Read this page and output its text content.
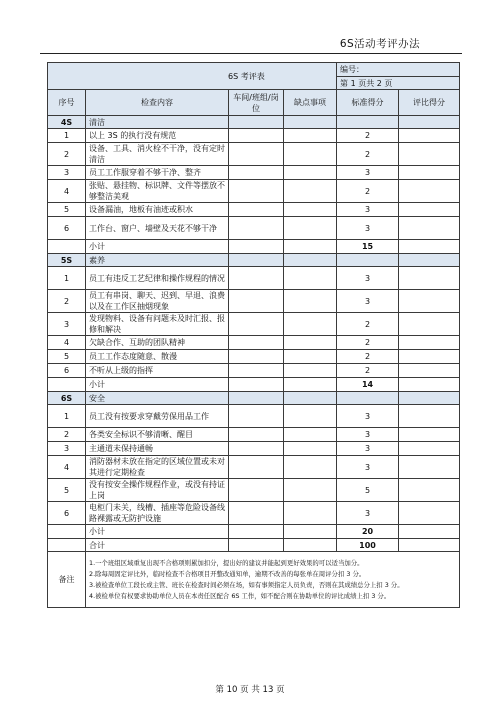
6S活动考评办法
6S 考评表				编号：	
				第 1 页共 2 页	
序号	检查内容	车间/班组/岗位	缺点事项	标准得分	评比得分
4S	清洁				
1	以上 3S 的执行没有规范			2	
2	设备、工具、消火栓不干净，没有定时清洁			2	
3	员工工作服穿着不够干净、整齐			3	
4	张贴、悬挂物、标识牌、文件等摆放不够整洁美观			2	
5	设备漏油，地板有油迹或积水			3	
6	工作台、窗户、墙壁及天花不够干净			3	
	小计			15	
5S	素养				
1	员工有违反工艺纪律和操作规程的情况			3	
2	员工有串岗、聊天、迟到、早退、浪费以及在工作区抽烟现象			3	
3	发现物料、设备有问题未及时汇报、报修和解决			2	
4	欠缺合作、互助的团队精神			2	
5	员工工作态度随意、散漫			2	
6	不听从上级的指挥			2	
	小计			14	
6S	安全				
1	员工没有按要求穿戴劳保用品工作			3	
2	各类安全标识不够清晰、醒目			3	
3	主通道未保持通畅			3	
4	消防器材未放在指定的区域位置或未对其进行定期检查			3	
5	没有按安全操作规程作业，或没有持证上岗			5	
6	电柜门未关，线槽、插座等危险设备线路裸露或无防护设施			3	
	小计			20	
	合计			100	
备注	1.一个班组区域重复出现不合格项则累加扣分，提出好的建议并能起到更好效果的可以适当加分。
2.除每周固定评比外，临时检查不合格项目开整改通知单，逾期不改善的每张单在周评分扣 3 分。
3.被检查单位工段长或主管、班长在检查时间必须在场，如有事须指定人员负责，否则在其成绩总分上扣 3 分。
4.被检单位有权要求协助单位人员在本责任区配合 6S 工作，如不配合则在协助单位的评比成绩上扣 3 分。				
第 10 页 共 13 页
